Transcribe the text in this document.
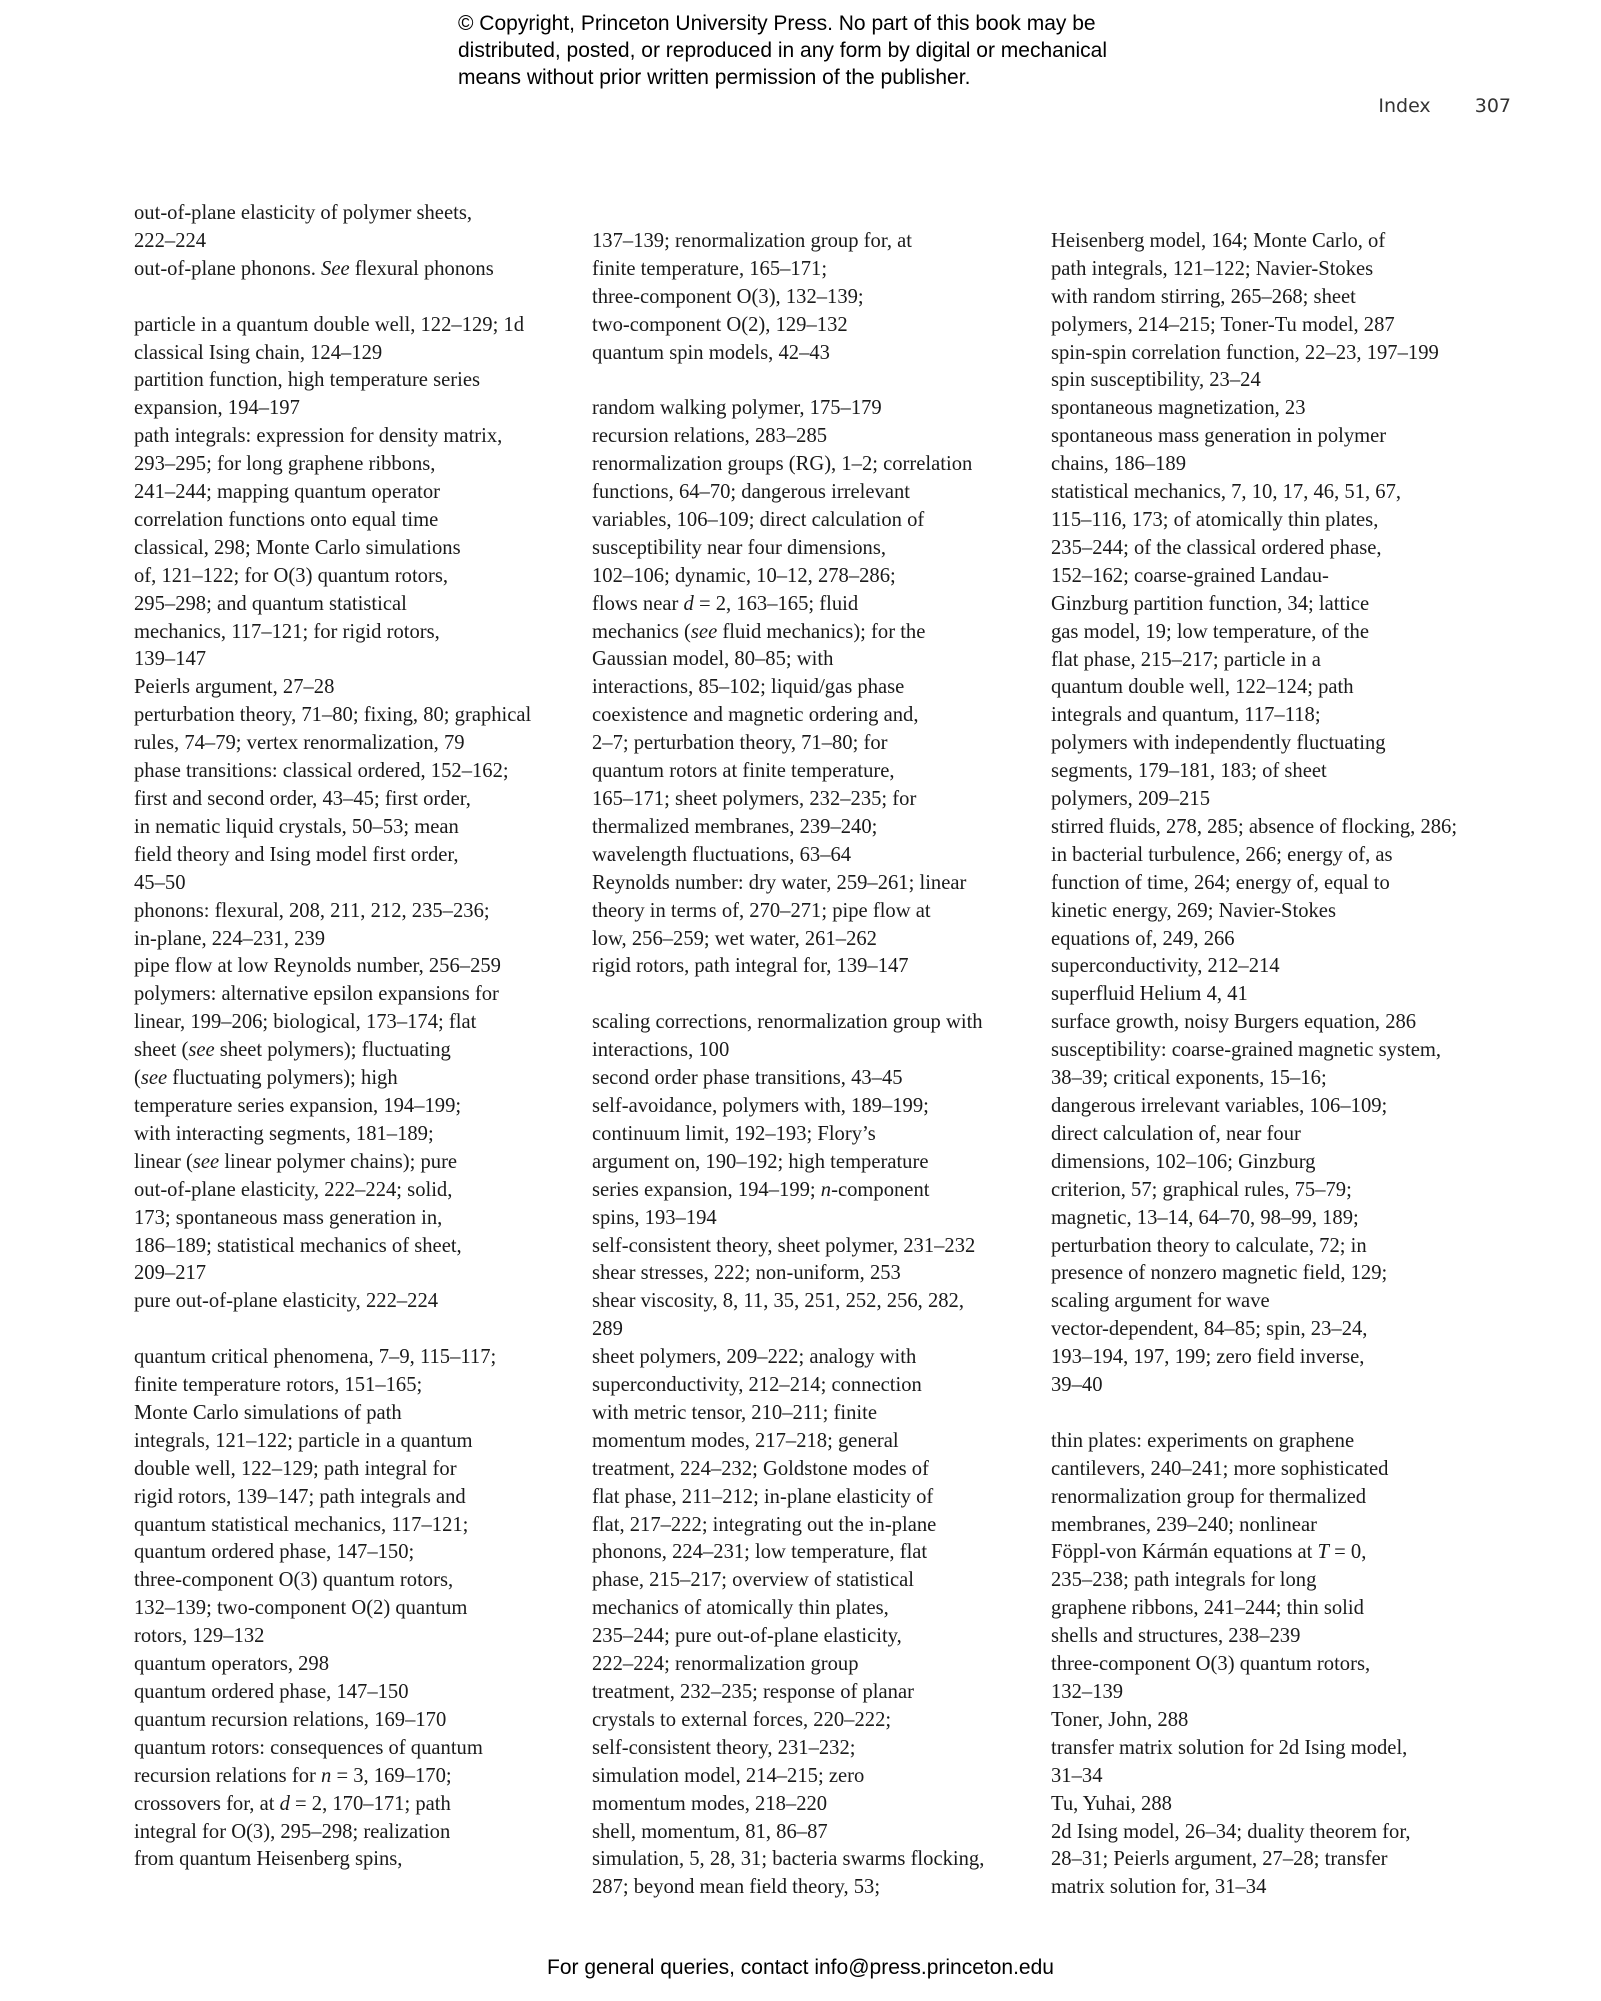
© Copyright, Princeton University Press. No part of this book may be
distributed, posted, or reproduced in any form by digital or mechanical
means without prior written permission of the publisher.
Index 307
out-of-plane elasticity of polymer sheets,
222–224
out-of-plane phonons. See flexural phonons
particle in a quantum double well, 122–129; 1d
classical Ising chain, 124–129
partition function, high temperature series
expansion, 194–197
path integrals: expression for density matrix,
293–295; for long graphene ribbons,
241–244; mapping quantum operator
correlation functions onto equal time
classical, 298; Monte Carlo simulations
of, 121–122; for O(3) quantum rotors,
295–298; and quantum statistical
mechanics, 117–121; for rigid rotors,
139–147
Peierls argument, 27–28
perturbation theory, 71–80; fixing, 80; graphical
rules, 74–79; vertex renormalization, 79
phase transitions: classical ordered, 152–162;
first and second order, 43–45; first order,
in nematic liquid crystals, 50–53; mean
field theory and Ising model first order,
45–50
phonons: flexural, 208, 211, 212, 235–236;
in-plane, 224–231, 239
pipe flow at low Reynolds number, 256–259
polymers: alternative epsilon expansions for
linear, 199–206; biological, 173–174; flat
sheet (see sheet polymers); fluctuating
(see fluctuating polymers); high
temperature series expansion, 194–199;
with interacting segments, 181–189;
linear (see linear polymer chains); pure
out-of-plane elasticity, 222–224; solid,
173; spontaneous mass generation in,
186–189; statistical mechanics of sheet,
209–217
pure out-of-plane elasticity, 222–224
quantum critical phenomena, 7–9, 115–117;
finite temperature rotors, 151–165;
Monte Carlo simulations of path
integrals, 121–122; particle in a quantum
double well, 122–129; path integral for
rigid rotors, 139–147; path integrals and
quantum statistical mechanics, 117–121;
quantum ordered phase, 147–150;
three-component O(3) quantum rotors,
132–139; two-component O(2) quantum
rotors, 129–132
quantum operators, 298
quantum ordered phase, 147–150
quantum recursion relations, 169–170
quantum rotors: consequences of quantum
recursion relations for n = 3, 169–170;
crossovers for, at d = 2, 170–171; path
integral for O(3), 295–298; realization
from quantum Heisenberg spins,
137–139; renormalization group for, at
finite temperature, 165–171;
three-component O(3), 132–139;
two-component O(2), 129–132
quantum spin models, 42–43
random walking polymer, 175–179
recursion relations, 283–285
renormalization groups (RG), 1–2; correlation
functions, 64–70; dangerous irrelevant
variables, 106–109; direct calculation of
susceptibility near four dimensions,
102–106; dynamic, 10–12, 278–286;
flows near d = 2, 163–165; fluid
mechanics (see fluid mechanics); for the
Gaussian model, 80–85; with
interactions, 85–102; liquid/gas phase
coexistence and magnetic ordering and,
2–7; perturbation theory, 71–80; for
quantum rotors at finite temperature,
165–171; sheet polymers, 232–235; for
thermalized membranes, 239–240;
wavelength fluctuations, 63–64
Reynolds number: dry water, 259–261; linear
theory in terms of, 270–271; pipe flow at
low, 256–259; wet water, 261–262
rigid rotors, path integral for, 139–147
scaling corrections, renormalization group with
interactions, 100
second order phase transitions, 43–45
self-avoidance, polymers with, 189–199;
continuum limit, 192–193; Flory’s
argument on, 190–192; high temperature
series expansion, 194–199; n-component
spins, 193–194
self-consistent theory, sheet polymer, 231–232
shear stresses, 222; non-uniform, 253
shear viscosity, 8, 11, 35, 251, 252, 256, 282,
289
sheet polymers, 209–222; analogy with
superconductivity, 212–214; connection
with metric tensor, 210–211; finite
momentum modes, 217–218; general
treatment, 224–232; Goldstone modes of
flat phase, 211–212; in-plane elasticity of
flat, 217–222; integrating out the in-plane
phonons, 224–231; low temperature, flat
phase, 215–217; overview of statistical
mechanics of atomically thin plates,
235–244; pure out-of-plane elasticity,
222–224; renormalization group
treatment, 232–235; response of planar
crystals to external forces, 220–222;
self-consistent theory, 231–232;
simulation model, 214–215; zero
momentum modes, 218–220
shell, momentum, 81, 86–87
simulation, 5, 28, 31; bacteria swarms flocking,
287; beyond mean field theory, 53;
Heisenberg model, 164; Monte Carlo, of
path integrals, 121–122; Navier-Stokes
with random stirring, 265–268; sheet
polymers, 214–215; Toner-Tu model, 287
spin-spin correlation function, 22–23, 197–199
spin susceptibility, 23–24
spontaneous magnetization, 23
spontaneous mass generation in polymer
chains, 186–189
statistical mechanics, 7, 10, 17, 46, 51, 67,
115–116, 173; of atomically thin plates,
235–244; of the classical ordered phase,
152–162; coarse-grained Landau-
Ginzburg partition function, 34; lattice
gas model, 19; low temperature, of the
flat phase, 215–217; particle in a
quantum double well, 122–124; path
integrals and quantum, 117–118;
polymers with independently fluctuating
segments, 179–181, 183; of sheet
polymers, 209–215
stirred fluids, 278, 285; absence of flocking, 286;
in bacterial turbulence, 266; energy of, as
function of time, 264; energy of, equal to
kinetic energy, 269; Navier-Stokes
equations of, 249, 266
superconductivity, 212–214
superfluid Helium 4, 41
surface growth, noisy Burgers equation, 286
susceptibility: coarse-grained magnetic system,
38–39; critical exponents, 15–16;
dangerous irrelevant variables, 106–109;
direct calculation of, near four
dimensions, 102–106; Ginzburg
criterion, 57; graphical rules, 75–79;
magnetic, 13–14, 64–70, 98–99, 189;
perturbation theory to calculate, 72; in
presence of nonzero magnetic field, 129;
scaling argument for wave
vector-dependent, 84–85; spin, 23–24,
193–194, 197, 199; zero field inverse,
39–40
thin plates: experiments on graphene
cantilevers, 240–241; more sophisticated
renormalization group for thermalized
membranes, 239–240; nonlinear
Föppl-von Kármán equations at T = 0,
235–238; path integrals for long
graphene ribbons, 241–244; thin solid
shells and structures, 238–239
three-component O(3) quantum rotors,
132–139
Toner, John, 288
transfer matrix solution for 2d Ising model,
31–34
Tu, Yuhai, 288
2d Ising model, 26–34; duality theorem for,
28–31; Peierls argument, 27–28; transfer
matrix solution for, 31–34
For general queries, contact info@press.princeton.edu
